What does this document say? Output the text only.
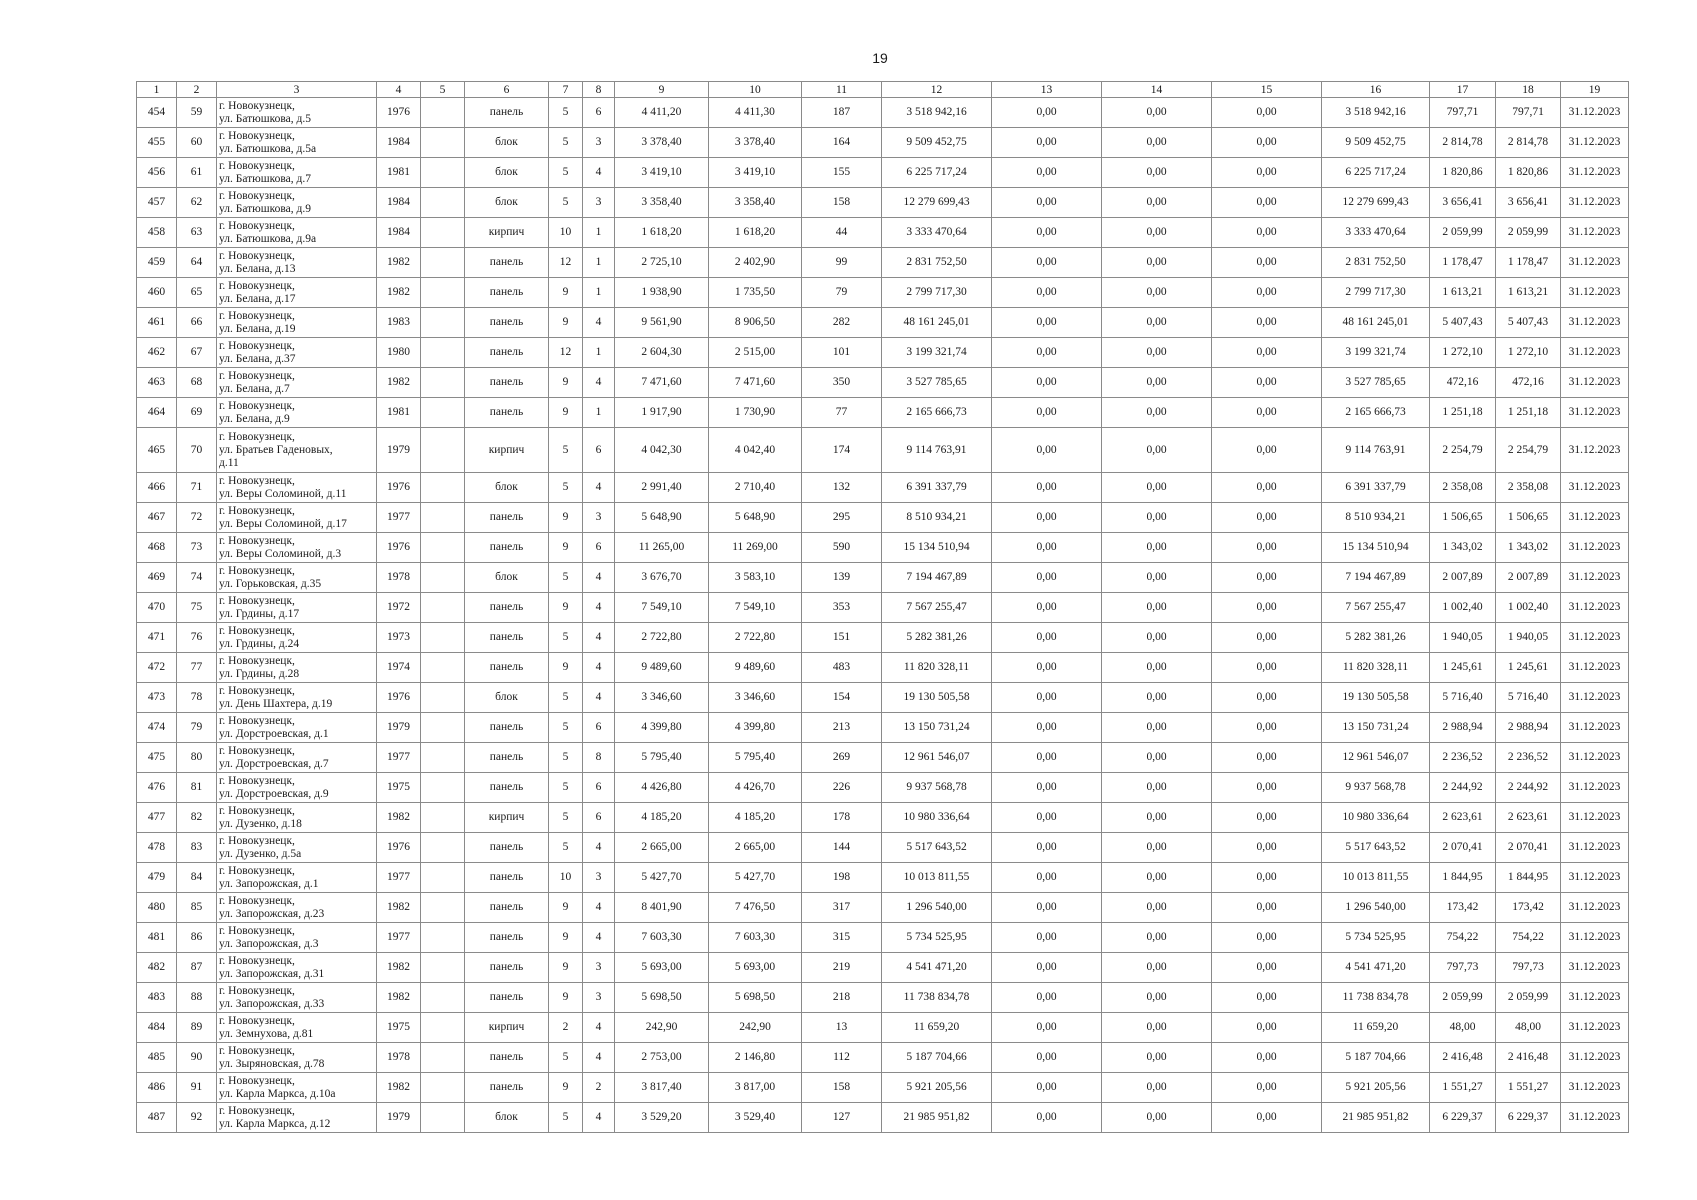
19
1	2	3	4	5	6	7	8	9	10	11	12	13	14	15	16	17	18	19
454	59	г. Новокузнецк,
ул. Батюшкова, д.5	1976		панель	5	6	4 411,20	4 411,30	187	3 518 942,16	0,00	0,00	0,00	3 518 942,16	797,71	797,71	31.12.2023
455	60	г. Новокузнецк,
ул. Батюшкова, д.5а	1984		блок	5	3	3 378,40	3 378,40	164	9 509 452,75	0,00	0,00	0,00	9 509 452,75	2 814,78	2 814,78	31.12.2023
456	61	г. Новокузнецк,
ул. Батюшкова, д.7	1981		блок	5	4	3 419,10	3 419,10	155	6 225 717,24	0,00	0,00	0,00	6 225 717,24	1 820,86	1 820,86	31.12.2023
457	62	г. Новокузнецк,
ул. Батюшкова, д.9	1984		блок	5	3	3 358,40	3 358,40	158	12 279 699,43	0,00	0,00	0,00	12 279 699,43	3 656,41	3 656,41	31.12.2023
458	63	г. Новокузнецк,
ул. Батюшкова, д.9а	1984		кирпич	10	1	1 618,20	1 618,20	44	3 333 470,64	0,00	0,00	0,00	3 333 470,64	2 059,99	2 059,99	31.12.2023
459	64	г. Новокузнецк,
ул. Белана, д.13	1982		панель	12	1	2 725,10	2 402,90	99	2 831 752,50	0,00	0,00	0,00	2 831 752,50	1 178,47	1 178,47	31.12.2023
460	65	г. Новокузнецк,
ул. Белана, д.17	1982		панель	9	1	1 938,90	1 735,50	79	2 799 717,30	0,00	0,00	0,00	2 799 717,30	1 613,21	1 613,21	31.12.2023
461	66	г. Новокузнецк,
ул. Белана, д.19	1983		панель	9	4	9 561,90	8 906,50	282	48 161 245,01	0,00	0,00	0,00	48 161 245,01	5 407,43	5 407,43	31.12.2023
462	67	г. Новокузнецк,
ул. Белана, д.37	1980		панель	12	1	2 604,30	2 515,00	101	3 199 321,74	0,00	0,00	0,00	3 199 321,74	1 272,10	1 272,10	31.12.2023
463	68	г. Новокузнецк,
ул. Белана, д.7	1982		панель	9	4	7 471,60	7 471,60	350	3 527 785,65	0,00	0,00	0,00	3 527 785,65	472,16	472,16	31.12.2023
464	69	г. Новокузнецк,
ул. Белана, д.9	1981		панель	9	1	1 917,90	1 730,90	77	2 165 666,73	0,00	0,00	0,00	2 165 666,73	1 251,18	1 251,18	31.12.2023
465	70	г. Новокузнецк,
ул. Братьев Гаденовых,
д.11	1979		кирпич	5	6	4 042,30	4 042,40	174	9 114 763,91	0,00	0,00	0,00	9 114 763,91	2 254,79	2 254,79	31.12.2023
466	71	г. Новокузнецк,
ул. Веры Соломиной, д.11	1976		блок	5	4	2 991,40	2 710,40	132	6 391 337,79	0,00	0,00	0,00	6 391 337,79	2 358,08	2 358,08	31.12.2023
467	72	г. Новокузнецк,
ул. Веры Соломиной, д.17	1977		панель	9	3	5 648,90	5 648,90	295	8 510 934,21	0,00	0,00	0,00	8 510 934,21	1 506,65	1 506,65	31.12.2023
468	73	г. Новокузнецк,
ул. Веры Соломиной, д.3	1976		панель	9	6	11 265,00	11 269,00	590	15 134 510,94	0,00	0,00	0,00	15 134 510,94	1 343,02	1 343,02	31.12.2023
469	74	г. Новокузнецк,
ул. Горьковская, д.35	1978		блок	5	4	3 676,70	3 583,10	139	7 194 467,89	0,00	0,00	0,00	7 194 467,89	2 007,89	2 007,89	31.12.2023
470	75	г. Новокузнецк,
ул. Грдины, д.17	1972		панель	9	4	7 549,10	7 549,10	353	7 567 255,47	0,00	0,00	0,00	7 567 255,47	1 002,40	1 002,40	31.12.2023
471	76	г. Новокузнецк,
ул. Грдины, д.24	1973		панель	5	4	2 722,80	2 722,80	151	5 282 381,26	0,00	0,00	0,00	5 282 381,26	1 940,05	1 940,05	31.12.2023
472	77	г. Новокузнецк,
ул. Грдины, д.28	1974		панель	9	4	9 489,60	9 489,60	483	11 820 328,11	0,00	0,00	0,00	11 820 328,11	1 245,61	1 245,61	31.12.2023
473	78	г. Новокузнецк,
ул. День Шахтера, д.19	1976		блок	5	4	3 346,60	3 346,60	154	19 130 505,58	0,00	0,00	0,00	19 130 505,58	5 716,40	5 716,40	31.12.2023
474	79	г. Новокузнецк,
ул. Дорстроевская, д.1	1979		панель	5	6	4 399,80	4 399,80	213	13 150 731,24	0,00	0,00	0,00	13 150 731,24	2 988,94	2 988,94	31.12.2023
475	80	г. Новокузнецк,
ул. Дорстроевская, д.7	1977		панель	5	8	5 795,40	5 795,40	269	12 961 546,07	0,00	0,00	0,00	12 961 546,07	2 236,52	2 236,52	31.12.2023
476	81	г. Новокузнецк,
ул. Дорстроевская, д.9	1975		панель	5	6	4 426,80	4 426,70	226	9 937 568,78	0,00	0,00	0,00	9 937 568,78	2 244,92	2 244,92	31.12.2023
477	82	г. Новокузнецк,
ул. Дузенко, д.18	1982		кирпич	5	6	4 185,20	4 185,20	178	10 980 336,64	0,00	0,00	0,00	10 980 336,64	2 623,61	2 623,61	31.12.2023
478	83	г. Новокузнецк,
ул. Дузенко, д.5а	1976		панель	5	4	2 665,00	2 665,00	144	5 517 643,52	0,00	0,00	0,00	5 517 643,52	2 070,41	2 070,41	31.12.2023
479	84	г. Новокузнецк,
ул. Запорожская, д.1	1977		панель	10	3	5 427,70	5 427,70	198	10 013 811,55	0,00	0,00	0,00	10 013 811,55	1 844,95	1 844,95	31.12.2023
480	85	г. Новокузнецк,
ул. Запорожская, д.23	1982		панель	9	4	8 401,90	7 476,50	317	1 296 540,00	0,00	0,00	0,00	1 296 540,00	173,42	173,42	31.12.2023
481	86	г. Новокузнецк,
ул. Запорожская, д.3	1977		панель	9	4	7 603,30	7 603,30	315	5 734 525,95	0,00	0,00	0,00	5 734 525,95	754,22	754,22	31.12.2023
482	87	г. Новокузнецк,
ул. Запорожская, д.31	1982		панель	9	3	5 693,00	5 693,00	219	4 541 471,20	0,00	0,00	0,00	4 541 471,20	797,73	797,73	31.12.2023
483	88	г. Новокузнецк,
ул. Запорожская, д.33	1982		панель	9	3	5 698,50	5 698,50	218	11 738 834,78	0,00	0,00	0,00	11 738 834,78	2 059,99	2 059,99	31.12.2023
484	89	г. Новокузнецк,
ул. Земнухова, д.81	1975		кирпич	2	4	242,90	242,90	13	11 659,20	0,00	0,00	0,00	11 659,20	48,00	48,00	31.12.2023
485	90	г. Новокузнецк,
ул. Зыряновская, д.78	1978		панель	5	4	2 753,00	2 146,80	112	5 187 704,66	0,00	0,00	0,00	5 187 704,66	2 416,48	2 416,48	31.12.2023
486	91	г. Новокузнецк,
ул. Карла Маркса, д.10а	1982		панель	9	2	3 817,40	3 817,00	158	5 921 205,56	0,00	0,00	0,00	5 921 205,56	1 551,27	1 551,27	31.12.2023
487	92	г. Новокузнецк,
ул. Карла Маркса, д.12	1979		блок	5	4	3 529,20	3 529,40	127	21 985 951,82	0,00	0,00	0,00	21 985 951,82	6 229,37	6 229,37	31.12.2023
